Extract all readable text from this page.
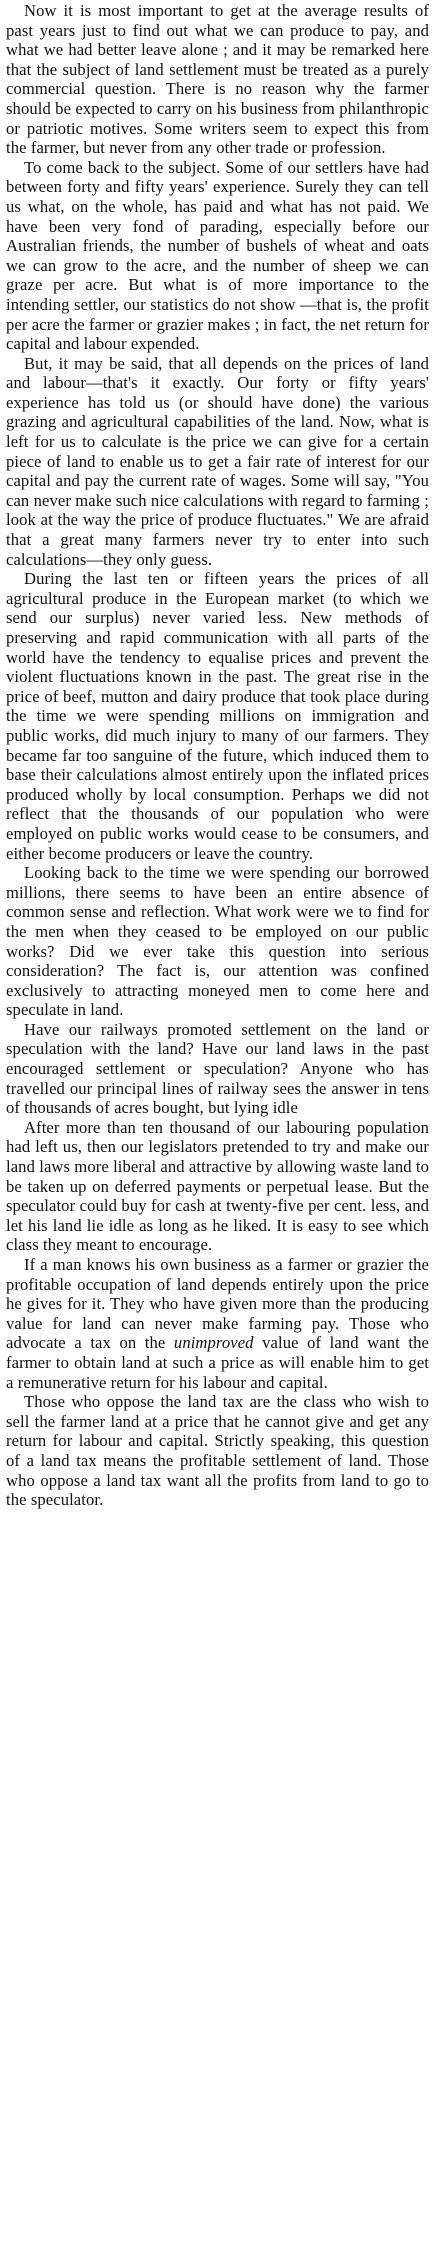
Now it is most important to get at the average results of past years just to find out what we can produce to pay, and what we had better leave alone ; and it may be remarked here that the subject of land settlement must be treated as a purely commercial question. There is no reason why the farmer should be expected to carry on his business from philanthropic or patriotic motives. Some writers seem to expect this from the farmer, but never from any other trade or profession.

To come back to the subject. Some of our settlers have had between forty and fifty years' experience. Surely they can tell us what, on the whole, has paid and what has not paid. We have been very fond of parading, especially before our Australian friends, the number of bushels of wheat and oats we can grow to the acre, and the number of sheep we can graze per acre. But what is of more importance to the intending settler, our statistics do not show —that is, the profit per acre the farmer or grazier makes ; in fact, the net return for capital and labour expended.

But, it may be said, that all depends on the prices of land and labour—that's it exactly. Our forty or fifty years' experience has told us (or should have done) the various grazing and agricultural capabilities of the land. Now, what is left for us to calculate is the price we can give for a certain piece of land to enable us to get a fair rate of interest for our capital and pay the current rate of wages. Some will say, "You can never make such nice calculations with regard to farming ; look at the way the price of produce fluctuates." We are afraid that a great many farmers never try to enter into such calculations—they only guess.

During the last ten or fifteen years the prices of all agricultural produce in the European market (to which we send our surplus) never varied less. New methods of preserving and rapid communication with all parts of the world have the tendency to equalise prices and prevent the violent fluctuations known in the past. The great rise in the price of beef, mutton and dairy produce that took place during the time we were spending millions on immigration and public works, did much injury to many of our farmers. They became far too sanguine of the future, which induced them to base their calculations almost entirely upon the inflated prices produced wholly by local consumption. Perhaps we did not reflect that the thousands of our population who were employed on public works would cease to be consumers, and either become producers or leave the country.

Looking back to the time we were spending our borrowed millions, there seems to have been an entire absence of common sense and reflection. What work were we to find for the men when they ceased to be employed on our public works? Did we ever take this question into serious consideration? The fact is, our attention was confined exclusively to attracting moneyed men to come here and speculate in land.

Have our railways promoted settlement on the land or speculation with the land? Have our land laws in the past encouraged settlement or speculation? Anyone who has travelled our principal lines of railway sees the answer in tens of thousands of acres bought, but lying idle

After more than ten thousand of our labouring population had left us, then our legislators pretended to try and make our land laws more liberal and attractive by allowing waste land to be taken up on deferred payments or perpetual lease. But the speculator could buy for cash at twenty-five per cent. less, and let his land lie idle as long as he liked. It is easy to see which class they meant to encourage.

If a man knows his own business as a farmer or grazier the profitable occupation of land depends entirely upon the price he gives for it. They who have given more than the producing value for land can never make farming pay. Those who advocate a tax on the unimproved value of land want the farmer to obtain land at such a price as will enable him to get a remunerative return for his labour and capital.

Those who oppose the land tax are the class who wish to sell the farmer land at a price that he cannot give and get any return for labour and capital. Strictly speaking, this question of a land tax means the profitable settlement of land. Those who oppose a land tax want all the profits from land to go to the speculator.
